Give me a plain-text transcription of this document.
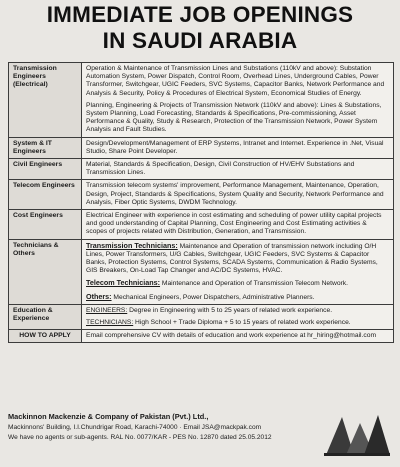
IMMEDIATE JOB OPENINGS
IN SAUDI ARABIA
Transmission Engineers (Electrical)	Operation & Maintenance of Transmission Lines and Substations (110kV and above): Substation Automation System, Power Dispatch, Control Room, Overhead Lines, Underground Cables, Power Transformer, Switchgear, UGIC Feeders, SVC Systems, Capacitor Banks, Network Performance and Analysis & Security, Policy & Procedures of Electrical System, Economical Studies of Energy.

Planning, Engineering & Projects of Transmission Network (110kV and above): Lines & Substations, System Planning, Load Forecasting, Standards & Specifications, Pre-commissioning, Asset Performance & Quality, Study & Research, Protection of the Transmission Network, Power System Analysis and Fault Studies.

System & IT Engineers	Design/Development/Management of ERP Systems, Intranet and Internet. Experience in .Net, Visual Studio, Share Point Developer.

Civil Engineers	Material, Standards & Specification, Design, Civil Construction of HV/EHV Substations and Transmission Lines.

Telecom Engineers	Transmission telecom systems' improvement, Performance Management, Maintenance, Operation, Design, Project, Standards & Specifications, System Quality and Security, Network Performance and Analysis, Fiber Optic Systems, DWDM Technology.

Cost Engineers	Electrical Engineer with experience in cost estimating and scheduling of power utility capital projects and good understanding of Capital Planning, Cost Engineering and Cost Estimating activities & scopes of projects related with Distribution, Generation, and Transmission.

Technicians & Others	Transmission Technicians: Maintenance and Operation of transmission network including O/H Lines, Power Transformers, U/G Cables, Switchgear, UGIC Feeders, SVC Systems & Capacitor Banks, Protection Systems, Control Systems, SCADA Systems, Communication & Radio Systems, GIS Breakers, On-Load Tap Changer and AC/DC Systems, HVAC.

Telecom Technicians: Maintenance and Operation of Transmission Telecom Network.

Others: Mechanical Engineers, Power Dispatchers, Administrative Planners.

Education & Experience	ENGINEERS: Degree in Engineering with 5 to 25 years of related work experience.

TECHNICIANS: High School + Trade Diploma + 5 to 15 years of related work experience.

HOW TO APPLY	Email comprehensive CV with details of education and work experience at hr_hiring@hotmail.com

Mackinnon Mackenzie & Company of Pakistan (Pvt.) Ltd.,
Mackinnons' Building, I.I.Chundrigar Road, Karachi-74000 · Email JSA@mackpak.com
We have no agents or sub-agents. RAL No. 0077/KAR - PES No. 12870 dated 25.05.2012
